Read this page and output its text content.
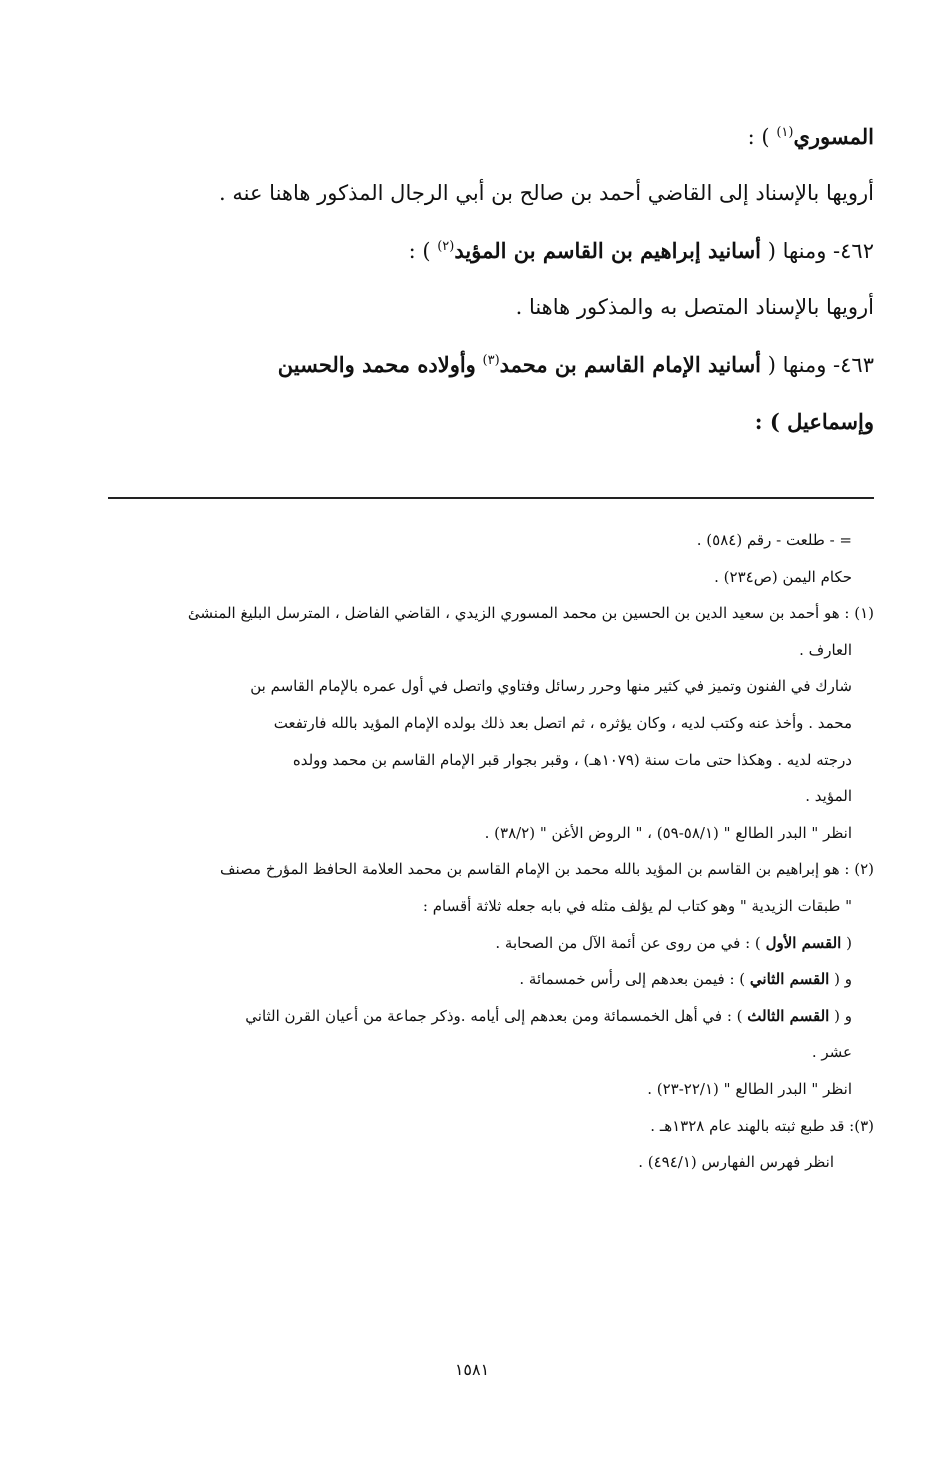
المسوري$^{(١)}$ ) :
أرويها بالإسناد إلى القاضي أحمد بن صالح بن أبي الرجال المذكور هاهنا عنه .
٤٦٢- ومنها ( أسانيد إبراهيم بن القاسم بن المؤيد$^{(٢)}$ ) :
أرويها بالإسناد المتصل به والمذكور هاهنا .
٤٦٣- ومنها ( أسانيد الإمام القاسم بن محمد$^{(٣)}$ وأولاده محمد والحسين
وإسماعيل ) :
= - طلعت - رقم (٥٨٤) .
حكام اليمن (ص٢٣٤) .
(١) : هو أحمد بن سعيد الدين بن الحسين بن محمد المسوري الزيدي ، القاضي الفاضل ، المترسل البليغ المنشئ
العارف .
شارك في الفنون وتميز في كثير منها وحرر رسائل وفتاوي واتصل في أول عمره بالإمام القاسم بن
محمد . وأخذ عنه وكتب لديه ، وكان يؤثره ، ثم اتصل بعد ذلك بولده الإمام المؤيد بالله فارتفعت
درجته لديه . وهكذا حتى مات سنة (١٠٧٩هـ) ، وقبر بجوار قبر الإمام القاسم بن محمد وولده
المؤيد .
انظر " البدر الطالع " (٥٨/١-٥٩) ، " الروض الأغن " (٣٨/٢) .
(٢) : هو إبراهيم بن القاسم بن المؤيد بالله محمد بن الإمام القاسم بن محمد العلامة الحافظ المؤرخ مصنف
" طبقات الزيدية " وهو كتاب لم يؤلف مثله في بابه جعله ثلاثة أقسام :
( القسم الأول ) : في من روى عن أئمة الآل من الصحابة .
و ( القسم الثاني ) : فيمن بعدهم إلى رأس خمسمائة .
و ( القسم الثالث ) : في أهل الخمسمائة ومن بعدهم إلى أيامه .وذكر جماعة من أعيان القرن الثاني
عشر .
انظر " البدر الطالع " (٢٢/١-٢٣) .
(٣): قد طبع ثبته بالهند عام ١٣٢٨هـ .
انظر فهرس الفهارس (٤٩٤/١) .
١٥٨١
